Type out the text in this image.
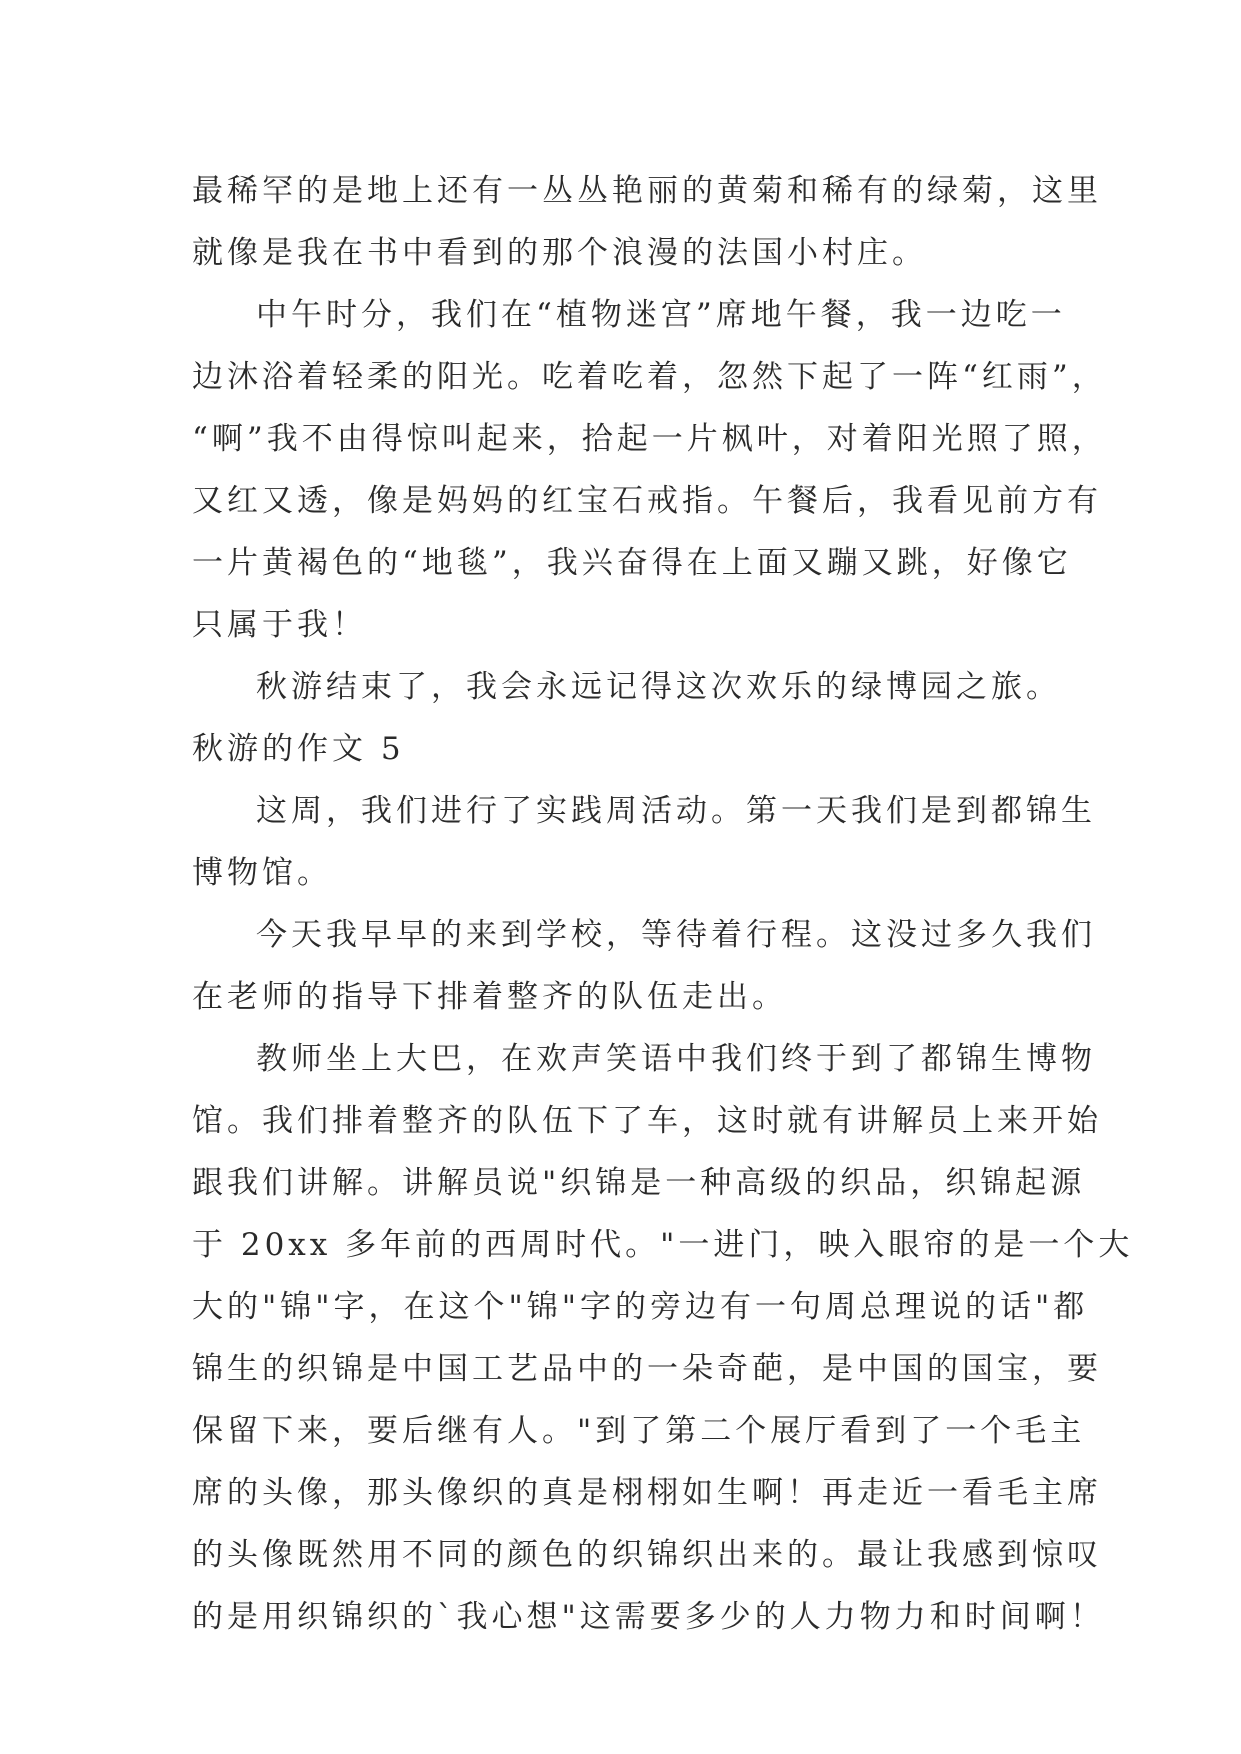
最稀罕的是地上还有一丛丛艳丽的黄菊和稀有的绿菊，这里
就像是我在书中看到的那个浪漫的法国小村庄。
中午时分，我们在“植物迷宫”席地午餐，我一边吃一
边沐浴着轻柔的阳光。吃着吃着，忽然下起了一阵“红雨”，
“啊”我不由得惊叫起来，拾起一片枫叶，对着阳光照了照，
又红又透，像是妈妈的红宝石戒指。午餐后，我看见前方有
一片黄褐色的“地毯”，我兴奋得在上面又蹦又跳，好像它
只属于我！
秋游结束了，我会永远记得这次欢乐的绿博园之旅。
秋游的作文 5
这周，我们进行了实践周活动。第一天我们是到都锦生
博物馆。
今天我早早的来到学校，等待着行程。这没过多久我们
在老师的指导下排着整齐的队伍走出。
教师坐上大巴，在欢声笑语中我们终于到了都锦生博物
馆。我们排着整齐的队伍下了车，这时就有讲解员上来开始
跟我们讲解。讲解员说"织锦是一种高级的织品，织锦起源
于 20xx 多年前的西周时代。"一进门，映入眼帘的是一个大
大的"锦"字，在这个"锦"字的旁边有一句周总理说的话"都
锦生的织锦是中国工艺品中的一朵奇葩，是中国的国宝，要
保留下来，要后继有人。"到了第二个展厅看到了一个毛主
席的头像，那头像织的真是栩栩如生啊！再走近一看毛主席
的头像既然用不同的颜色的织锦织出来的。最让我感到惊叹
的是用织锦织的`我心想"这需要多少的人力物力和时间啊！
